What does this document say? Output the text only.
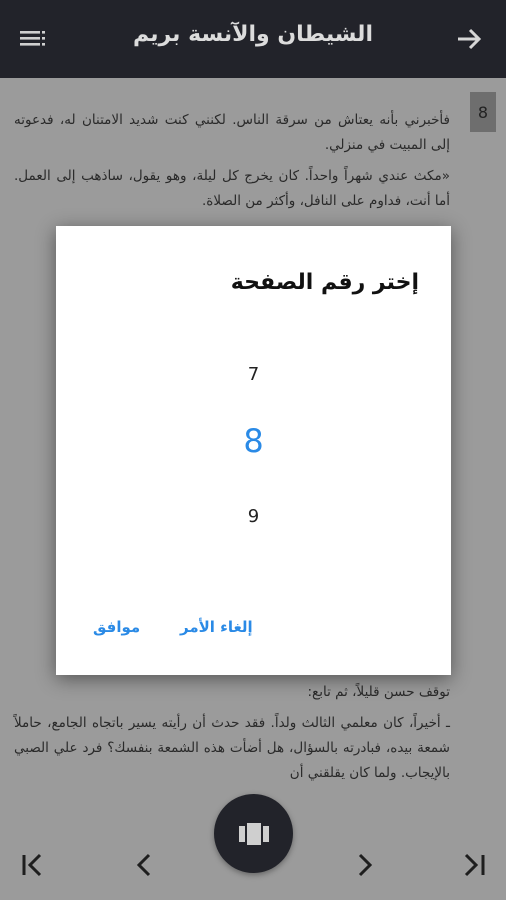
الشيطان والآنسة بريم
8

فأخبرني بأنه يعتاش من سرقة الناس. لكنني كنت شديد الامتنان له، فدعوته إلى المبيت في منزلي.

«مكث عندي شهراً واحداً. كان يخرج كل ليلة، وهو يقول، ساذهب إلى العمل. أما أنت، فداوم على النافل، وأكثر من الصلاة.

توقف حسن قليلاً، ثم تابع:

ـ أخيراً، كان معلمي الثالث ولداً. فقد حدث أن رأيته يسير باتجاه الجامع، حاملاً شمعة بيده، فبادرته بالسؤال، هل أضأت هذه الشمعة بنفسك؟ فرد علي الصبي بالإيجاب. ولما كان يقلقني أن

إختر رقم الصفحة
7
8
9
موافق	إلغاء الأمر
